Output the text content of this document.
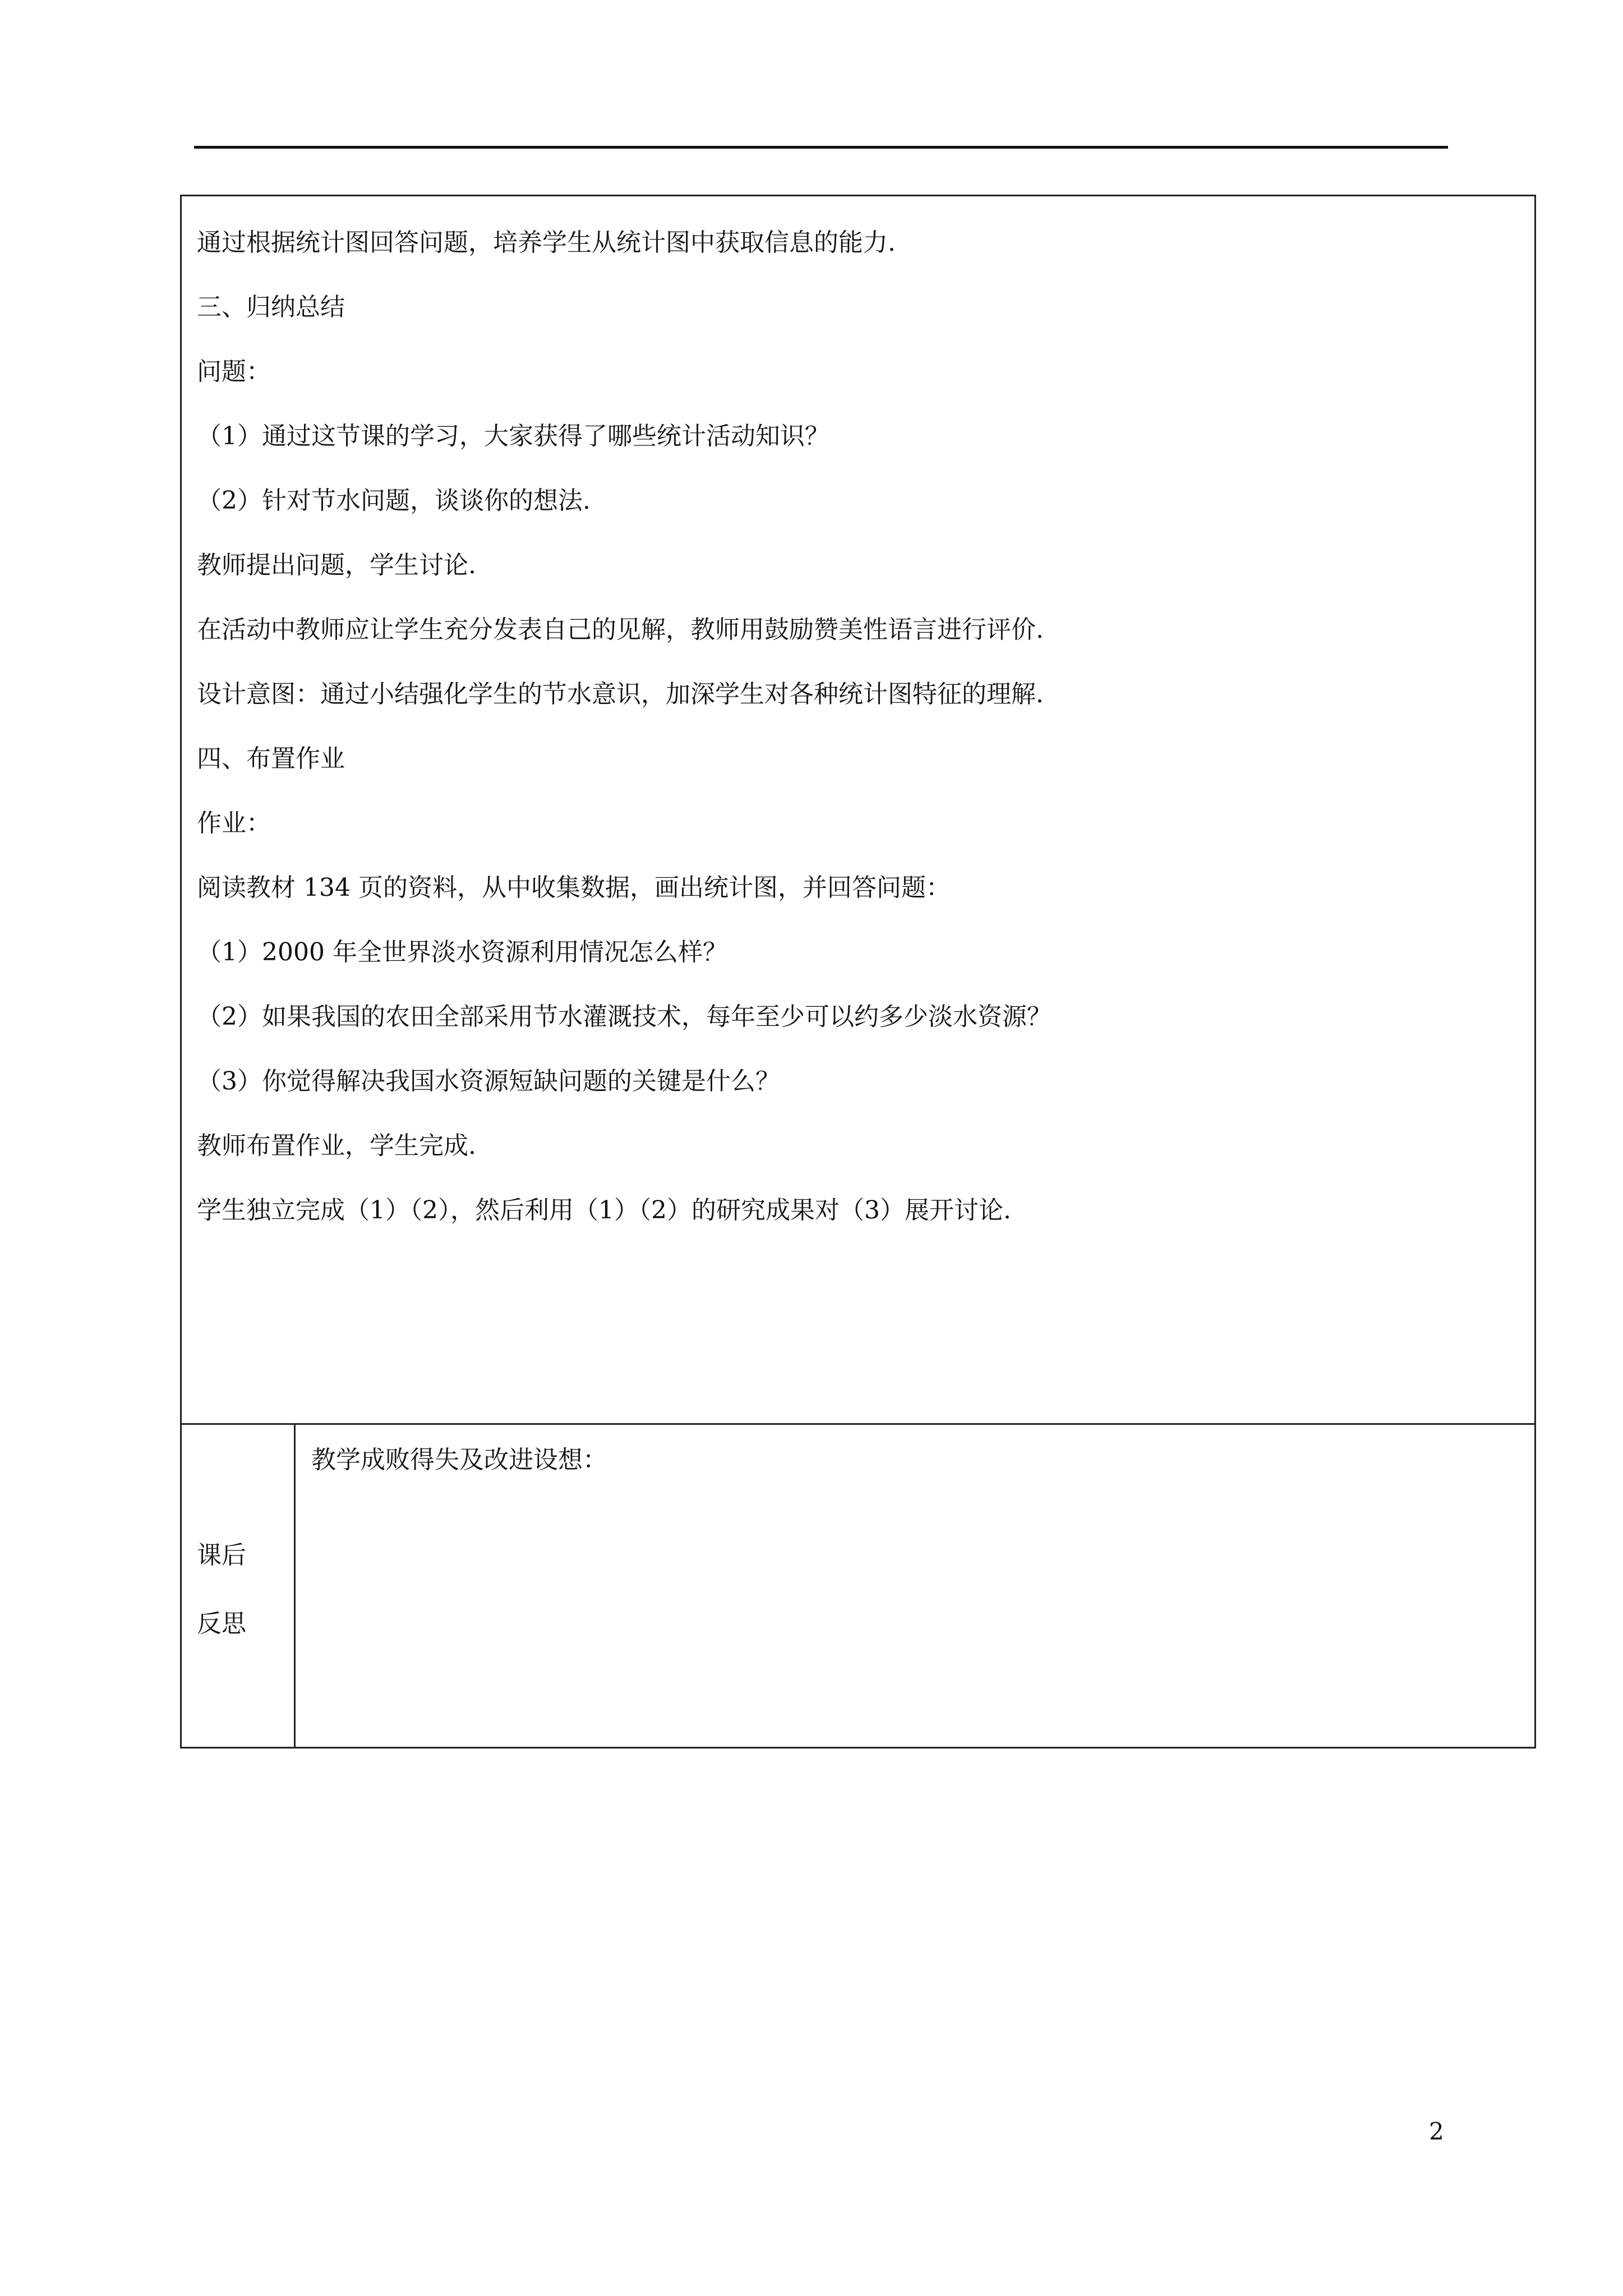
通过根据统计图回答问题，培养学生从统计图中获取信息的能力.
三、归纳总结
问题：
（1）通过这节课的学习，大家获得了哪些统计活动知识？
（2）针对节水问题，谈谈你的想法.
教师提出问题，学生讨论.
在活动中教师应让学生充分发表自己的见解，教师用鼓励赞美性语言进行评价.
设计意图：通过小结强化学生的节水意识，加深学生对各种统计图特征的理解.
四、布置作业
作业：
阅读教材 134 页的资料，从中收集数据，画出统计图，并回答问题：
（1）2000 年全世界淡水资源利用情况怎么样？
（2）如果我国的农田全部采用节水灌溉技术，每年至少可以约多少淡水资源？
（3）你觉得解决我国水资源短缺问题的关键是什么？
教师布置作业，学生完成.
学生独立完成（1）（2），然后利用（1）（2）的研究成果对（3）展开讨论.
课后
反思
教学成败得失及改进设想：
2
